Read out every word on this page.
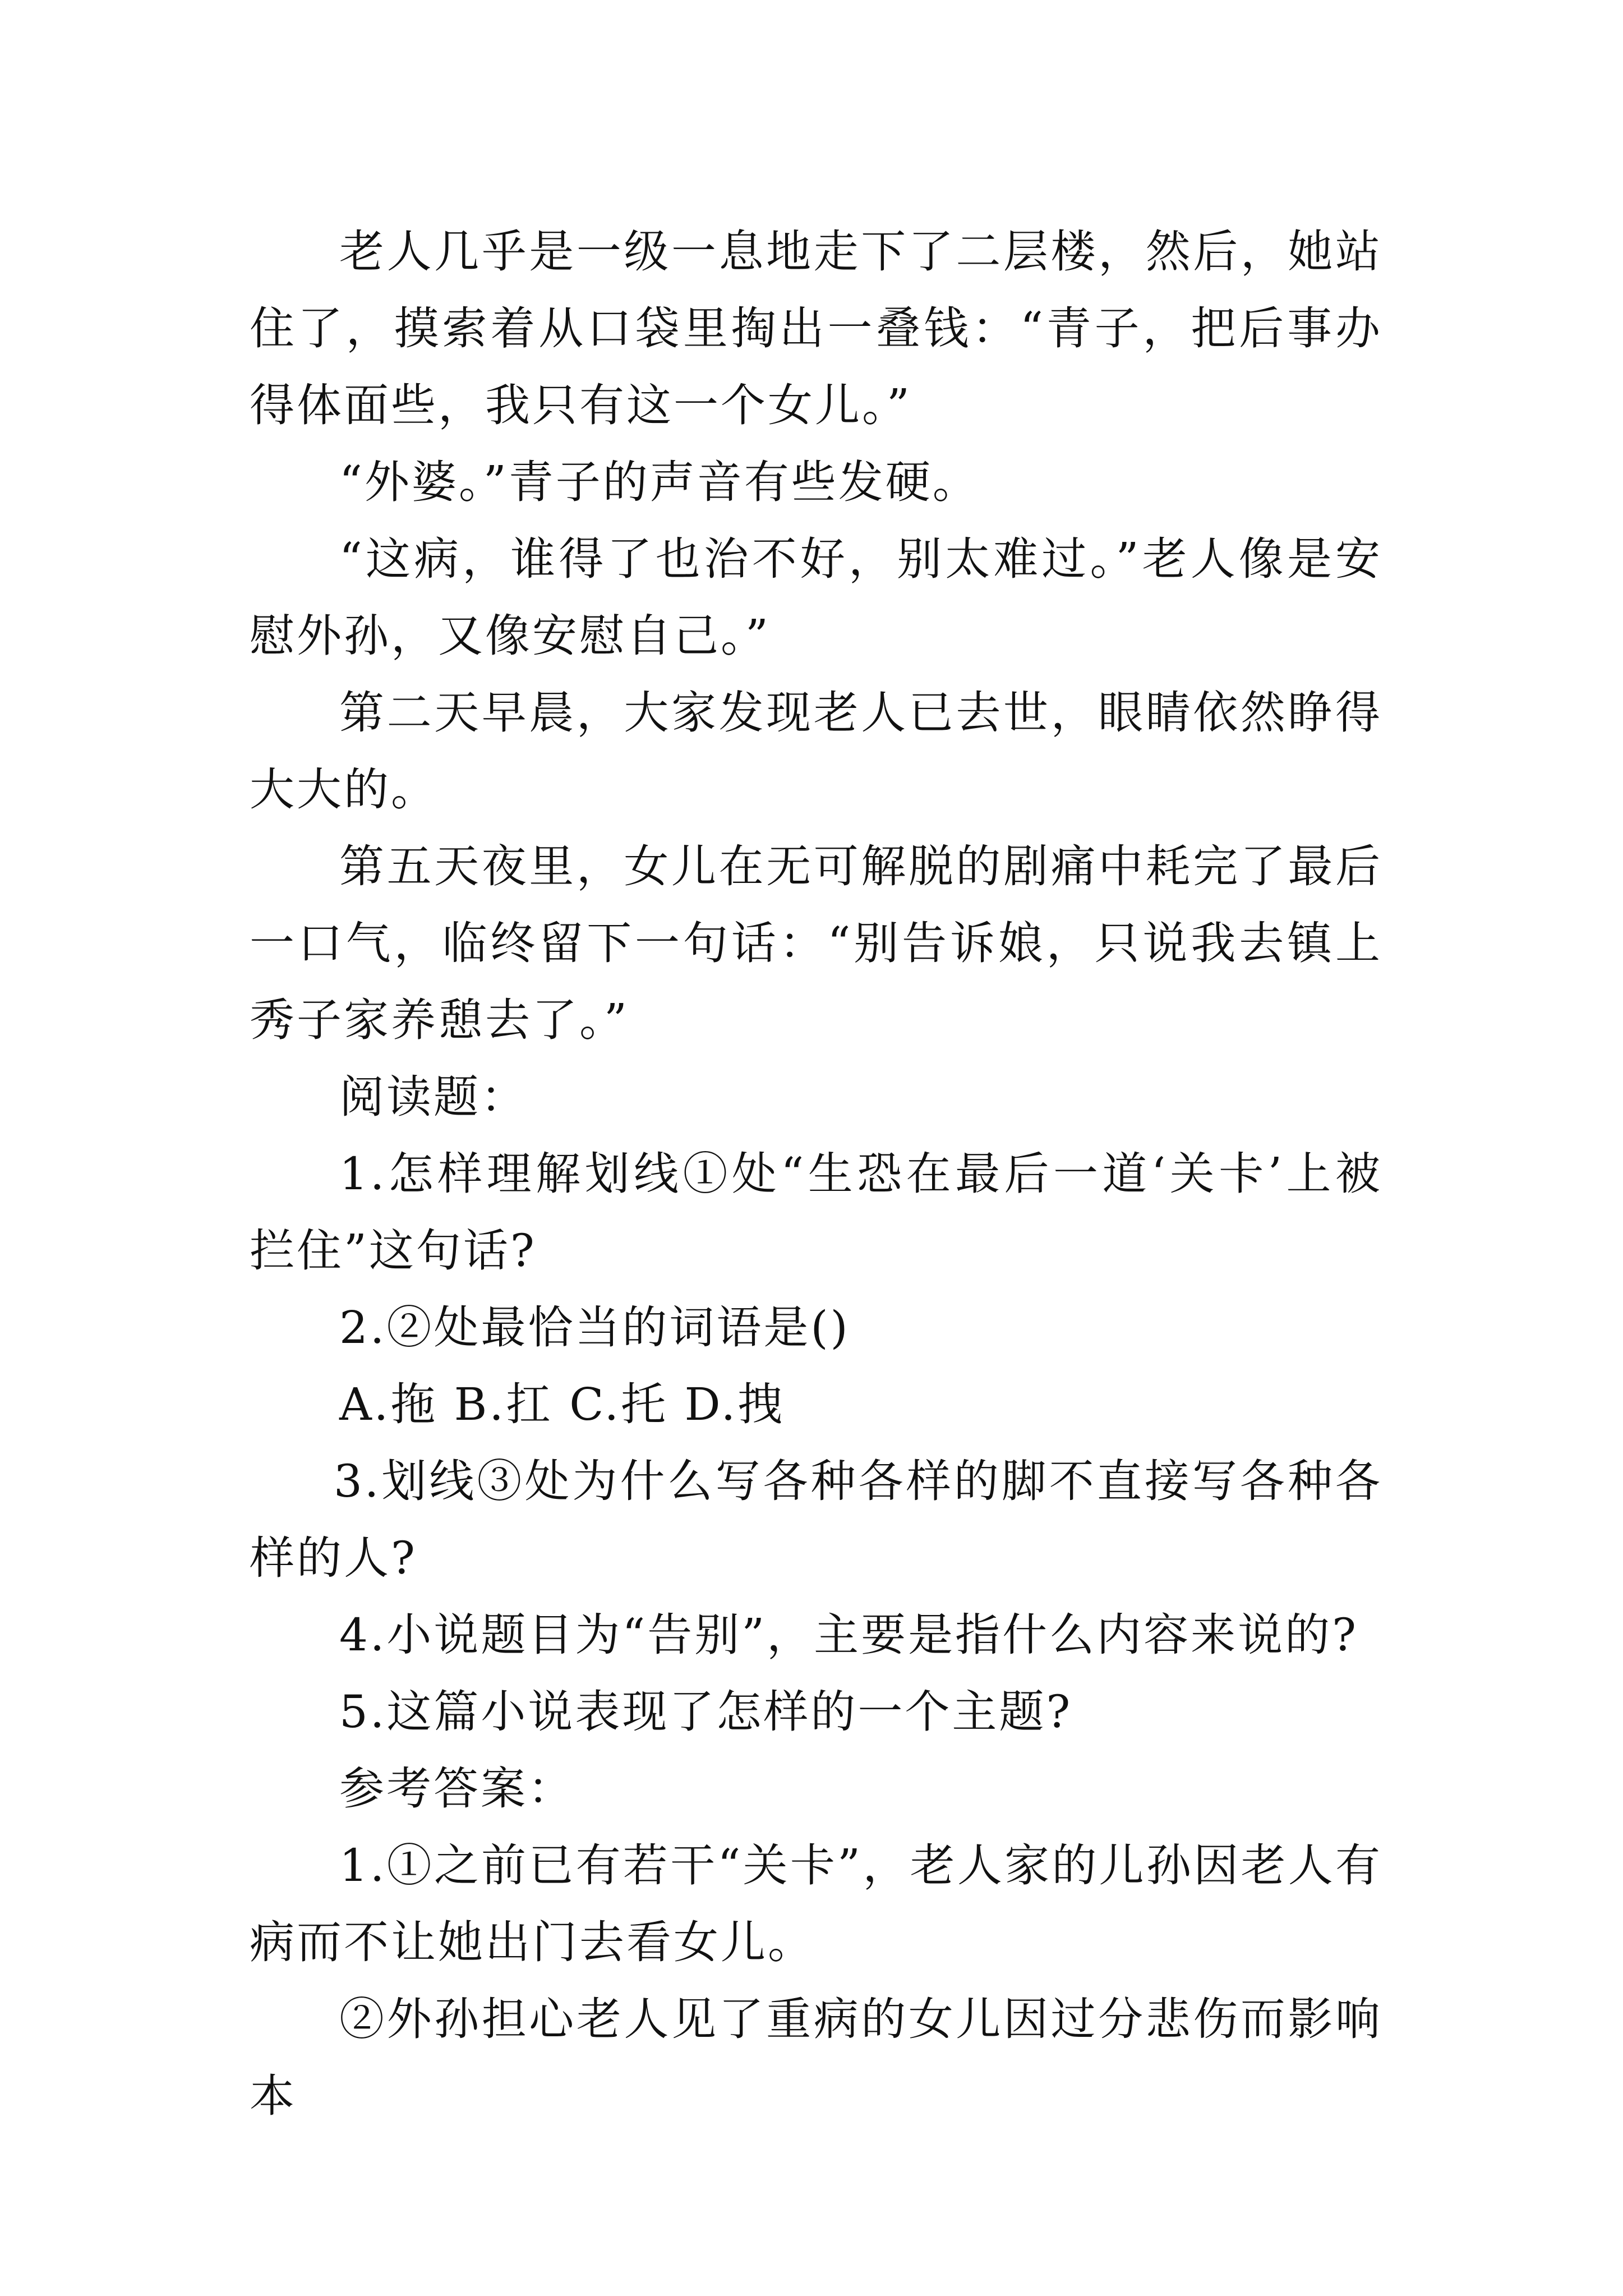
老人几乎是一级一息地走下了二层楼，然后，她站住了，摸索着从口袋里掏出一叠钱：“青子，把后事办得体面些，我只有这一个女儿。”

“外婆。”青子的声音有些发硬。

“这病，谁得了也治不好，别太难过。”老人像是安慰外孙，又像安慰自己。”

第二天早晨，大家发现老人已去世，眼睛依然睁得大大的。

第五天夜里，女儿在无可解脱的剧痛中耗完了最后一口气，临终留下一句话：“别告诉娘，只说我去镇上秀子家养憩去了。”

阅读题：

1.怎样理解划线①处“生恐在最后一道‘关卡’上被拦住”这句话?

2.②处最恰当的词语是()

A.拖 B.扛 C.托 D.拽

3.划线③处为什么写各种各样的脚不直接写各种各样的人?

4.小说题目为“告别”，主要是指什么内容来说的?

5.这篇小说表现了怎样的一个主题?

参考答案：

1.①之前已有若干“关卡”，老人家的儿孙因老人有病而不让她出门去看女儿。

②外孙担心老人见了重病的女儿因过分悲伤而影响本
